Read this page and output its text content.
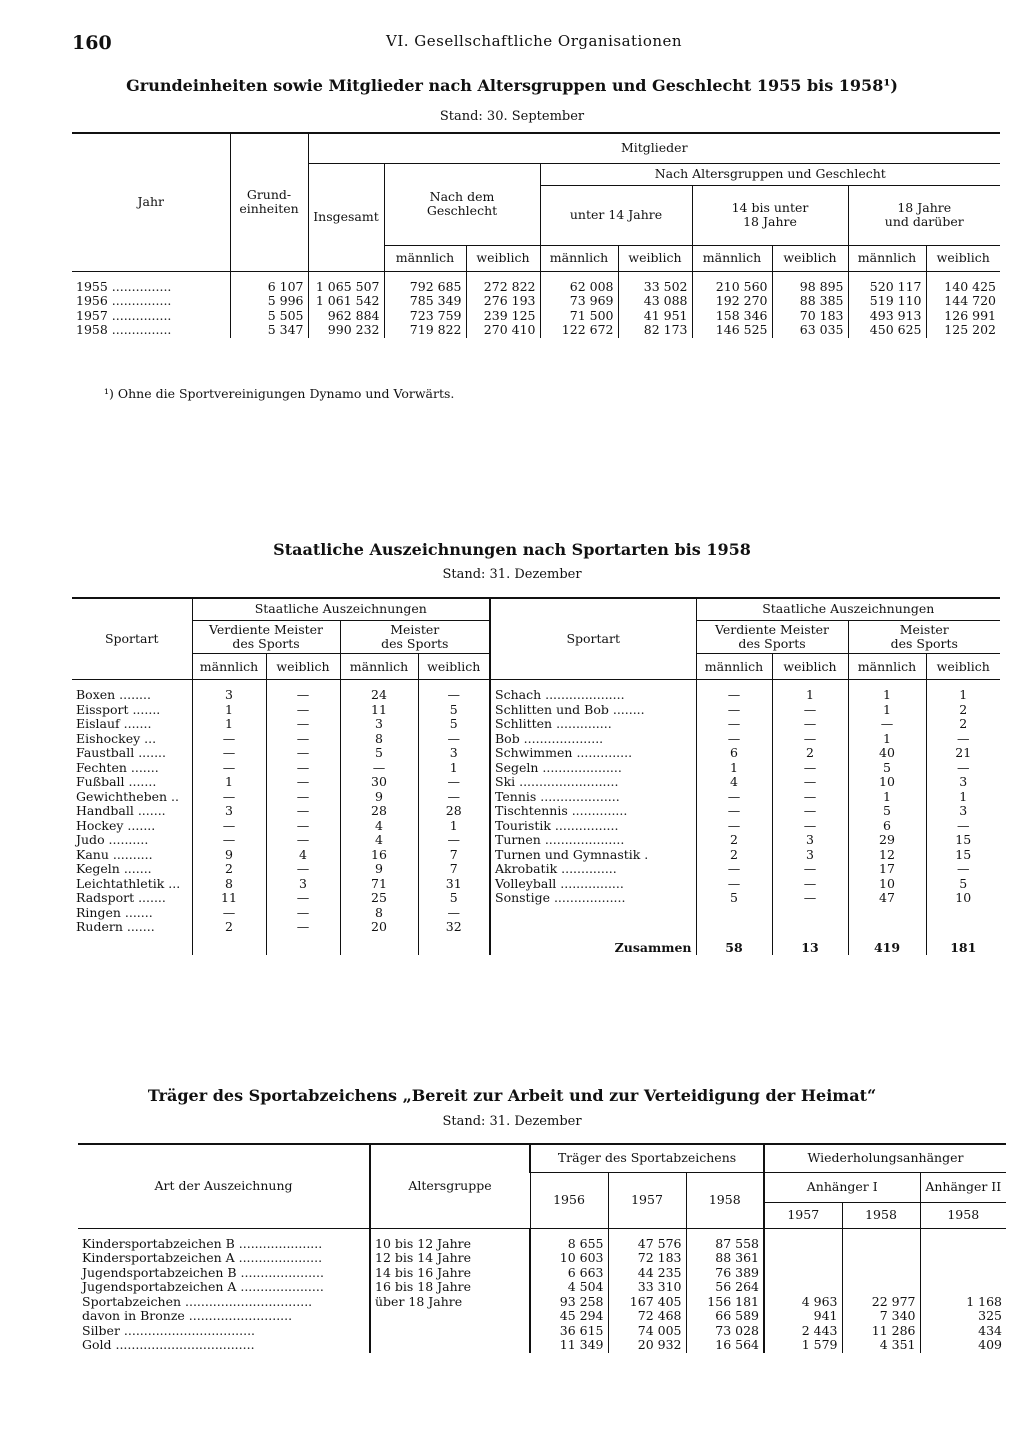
160	VI. Gesellschaftliche Organisationen
Grundeinheiten sowie Mitglieder nach Altersgruppen und Geschlecht 1955 bis 1958¹)
Stand: 30. September
Jahr	Grund-
einheiten	Mitglieder								
		Insgesamt	Nach dem
Geschlecht		Nach Altersgruppen und Geschlecht					
					unter 14 Jahre		14 bis unter
18 Jahre		18 Jahre
und darüber	
			männlich	weiblich	männlich	weiblich	männlich	weiblich	männlich	weiblich
1955 ...............	6 107	1 065 507	792 685	272 822	62 008	33 502	210 560	98 895	520 117	140 425
1956 ...............	5 996	1 061 542	785 349	276 193	73 969	43 088	192 270	88 385	519 110	144 720
1957 ...............	5 505	962 884	723 759	239 125	71 500	41 951	158 346	70 183	493 913	126 991
1958 ...............	5 347	990 232	719 822	270 410	122 672	82 173	146 525	63 035	450 625	125 202
¹) Ohne die Sportvereinigungen Dynamo und Vorwärts.
Staatliche Auszeichnungen nach Sportarten bis 1958
Stand: 31. Dezember
Sportart	Staatliche Auszeichnungen				Sportart	Staatliche Auszeichnungen			
	Verdiente Meister
des Sports		Meister
des Sports			Verdiente Meister
des Sports		Meister
des Sports	
	männlich	weiblich	männlich	weiblich		männlich	weiblich	männlich	weiblich
Boxen ........	3	—	24	—	Schach ....................	—	1	1	1
Eissport .......	1	—	11	5	Schlitten und Bob ........	—	—	1	2
Eislauf .......	1	—	3	5	Schlitten ..............	—	—	—	2
Eishockey ...	—	—	8	—	Bob ....................	—	—	1	—
Faustball .......	—	—	5	3	Schwimmen ..............	6	2	40	21
Fechten .......	—	—	—	1	Segeln ....................	1	—	5	—
Fußball .......	1	—	30	—	Ski .........................	4	—	10	3
Gewichtheben ..	—	—	9	—	Tennis ....................	—	—	1	1
Handball .......	3	—	28	28	Tischtennis ..............	—	—	5	3
Hockey .......	—	—	4	1	Touristik ................	—	—	6	—
Judo ..........	—	—	4	—	Turnen ....................	2	3	29	15
Kanu ..........	9	4	16	7	Turnen und Gymnastik .	2	3	12	15
Kegeln .......	2	—	9	7	Akrobatik ..............	—	—	17	—
Leichtathletik ...	8	3	71	31	Volleyball ................	—	—	10	5
Radsport .......	11	—	25	5	Sonstige ..................	5	—	47	10
Ringen .......	—	—	8	—					
Rudern .......	2	—	20	32					
					Zusammen	58	13	419	181
Träger des Sportabzeichens „Bereit zur Arbeit und zur Verteidigung der Heimat“
Stand: 31. Dezember
Art der Auszeichnung	Altersgruppe	Träger des Sportabzeichens			Wiederholungsanhänger		
		1956	1957	1958	Anhänger I		Anhänger II
					1957	1958	1958
Kindersportabzeichen B .....................	10 bis 12 Jahre	8 655	47 576	87 558			
Kindersportabzeichen A .....................	12 bis 14 Jahre	10 603	72 183	88 361			
Jugendsportabzeichen B .....................	14 bis 16 Jahre	6 663	44 235	76 389			
Jugendsportabzeichen A .....................	16 bis 18 Jahre	4 504	33 310	56 264			
Sportabzeichen ................................	über 18 Jahre	93 258	167 405	156 181	4 963	22 977	1 168
davon in Bronze ..........................		45 294	72 468	66 589	941	7 340	325
Silber .................................		36 615	74 005	73 028	2 443	11 286	434
Gold ...................................		11 349	20 932	16 564	1 579	4 351	409
